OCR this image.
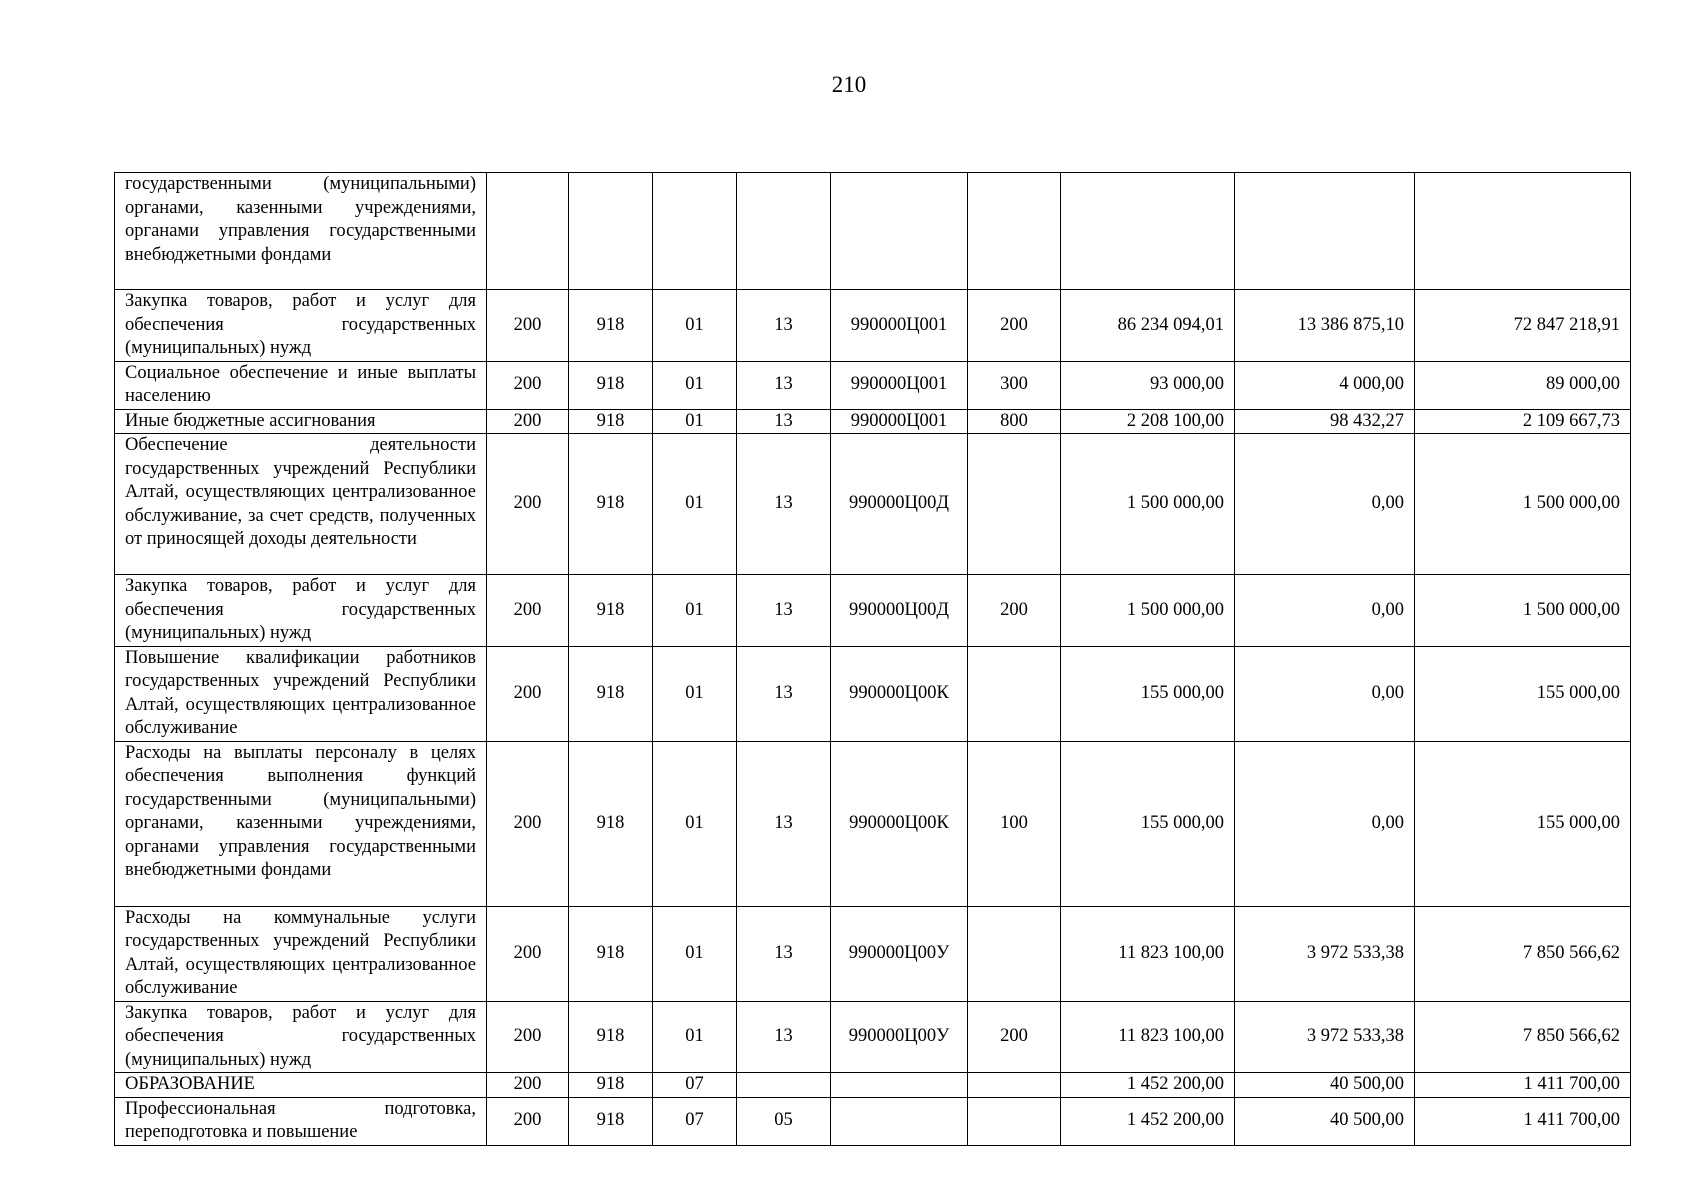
210
государственными (муниципальными) органами, казенными учреждениями, органами управления государственными внебюджетными фондами									
Закупка товаров, работ и услуг для обеспечения государственных (муниципальных) нужд	200	918	01	13	990000Ц001	200	86 234 094,01	13 386 875,10	72 847 218,91
Социальное обеспечение и иные выплаты населению	200	918	01	13	990000Ц001	300	93 000,00	4 000,00	89 000,00
Иные бюджетные ассигнования	200	918	01	13	990000Ц001	800	2 208 100,00	98 432,27	2 109 667,73
Обеспечение деятельности государственных учреждений Республики Алтай, осуществляющих централизованное обслуживание, за счет средств, полученных от приносящей доходы деятельности	200	918	01	13	990000Ц00Д		1 500 000,00	0,00	1 500 000,00
Закупка товаров, работ и услуг для обеспечения государственных (муниципальных) нужд	200	918	01	13	990000Ц00Д	200	1 500 000,00	0,00	1 500 000,00
Повышение квалификации работников государственных учреждений Республики Алтай, осуществляющих централизованное обслуживание	200	918	01	13	990000Ц00К		155 000,00	0,00	155 000,00
Расходы на выплаты персоналу в целях обеспечения выполнения функций государственными (муниципальными) органами, казенными учреждениями, органами управления государственными внебюджетными фондами	200	918	01	13	990000Ц00К	100	155 000,00	0,00	155 000,00
Расходы на коммунальные услуги государственных учреждений Республики Алтай, осуществляющих централизованное обслуживание	200	918	01	13	990000Ц00У		11 823 100,00	3 972 533,38	7 850 566,62
Закупка товаров, работ и услуг для обеспечения государственных (муниципальных) нужд	200	918	01	13	990000Ц00У	200	11 823 100,00	3 972 533,38	7 850 566,62
ОБРАЗОВАНИЕ	200	918	07				1 452 200,00	40 500,00	1 411 700,00
Профессиональная подготовка, переподготовка и повышение	200	918	07	05			1 452 200,00	40 500,00	1 411 700,00
